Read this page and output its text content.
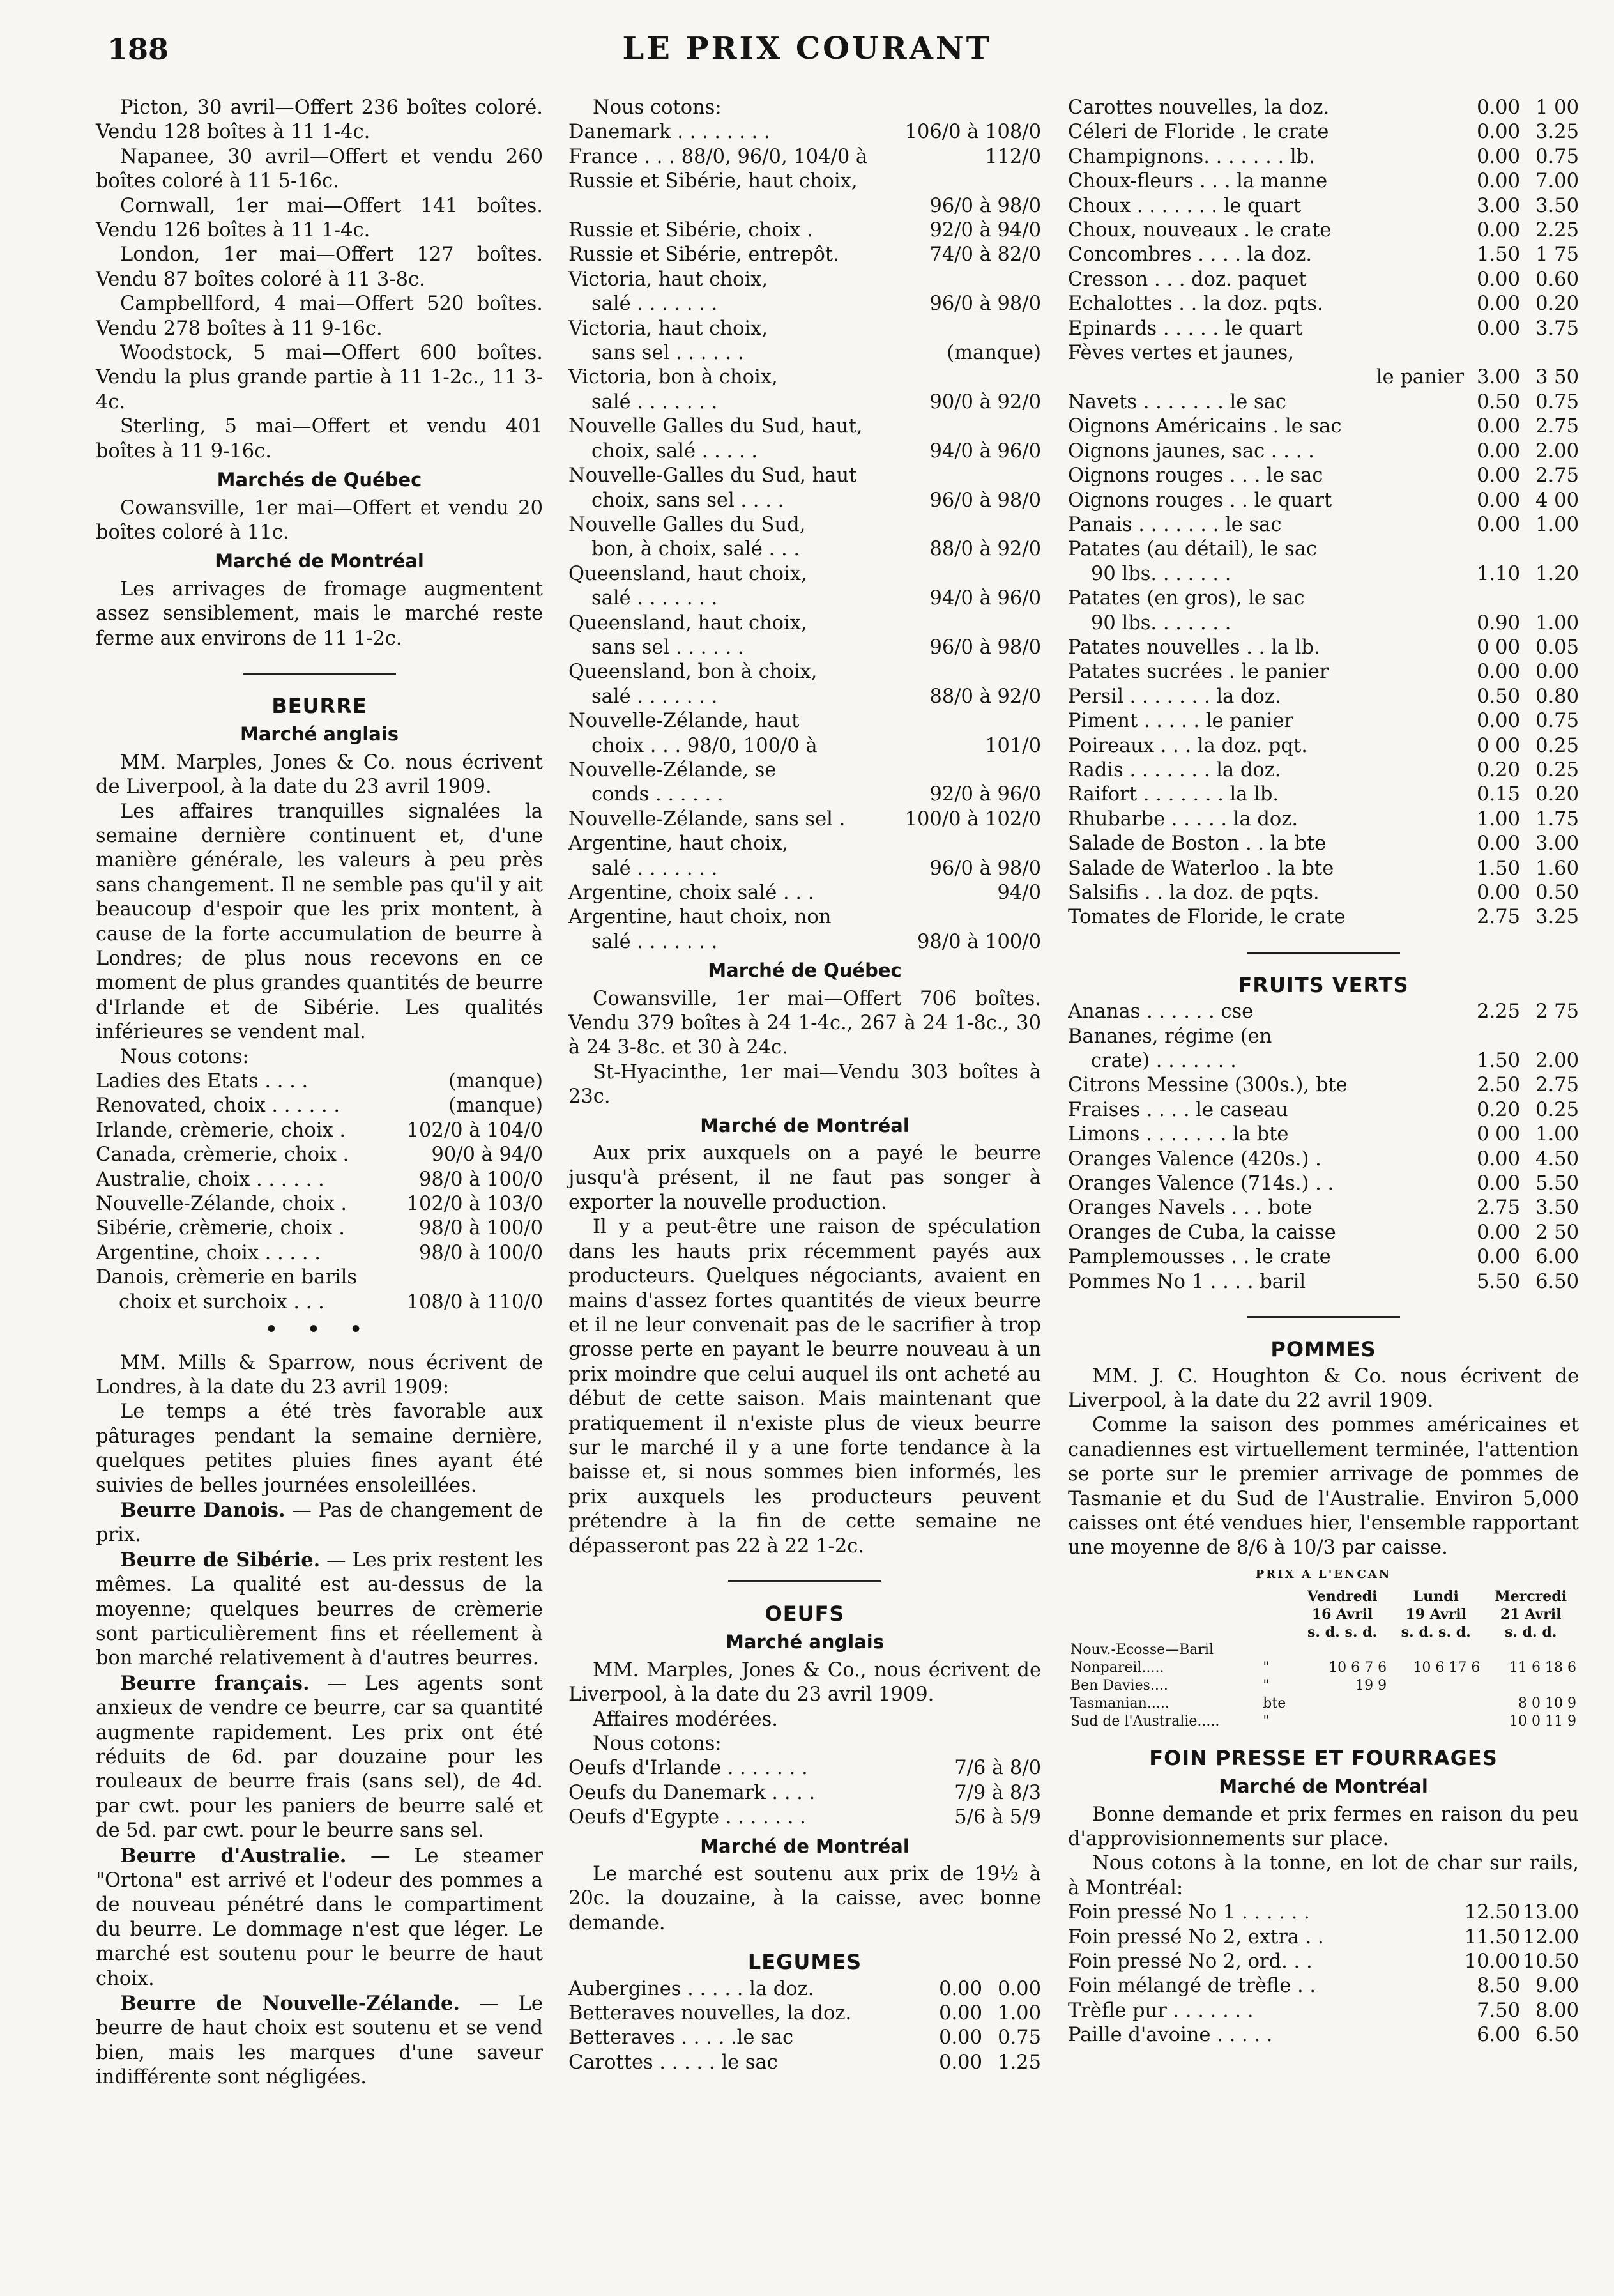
188	LE PRIX COURANT

Picton, 30 avril—Offert 236 boîtes coloré. Vendu 128 boîtes à 11 1-4c.

Napanee, 30 avril—Offert et vendu 260 boîtes coloré à 11 5-16c.

Cornwall, 1er mai—Offert 141 boîtes. Vendu 126 boîtes à 11 1-4c.

London, 1er mai—Offert 127 boîtes. Vendu 87 boîtes coloré à 11 3-8c.

Campbellford, 4 mai—Offert 520 boîtes. Vendu 278 boîtes à 11 9-16c.

Woodstock, 5 mai—Offert 600 boîtes. Vendu la plus grande partie à 11 1-2c., 11 3-4c.

Sterling, 5 mai—Offert et vendu 401 boîtes à 11 9-16c.

Marchés de Québec

Cowansville, 1er mai—Offert et vendu 20 boîtes coloré à 11c.

Marché de Montréal

Les arrivages de fromage augmentent assez sensiblement, mais le marché reste ferme aux environs de 11 1-2c.

BEURRE
Marché anglais

MM. Marples, Jones & Co. nous écrivent de Liverpool, à la date du 23 avril 1909.

Les affaires tranquilles signalées la semaine dernière continuent et, d'une manière générale, les valeurs à peu près sans changement. Il ne semble pas qu'il y ait beaucoup d'espoir que les prix montent, à cause de la forte accumulation de beurre à Londres; de plus nous recevons en ce moment de plus grandes quantités de beurre d'Irlande et de Sibérie. Les qualités inférieures se vendent mal.

Nous cotons:

Ladies des Etats . . . .	(manque)
Renovated, choix . . . . . .	(manque)
Irlande, crèmerie, choix .	102/0 à 104/0
Canada, crèmerie, choix .	90/0 à 94/0
Australie, choix . . . . . .	98/0 à 100/0
Nouvelle-Zélande, choix .	102/0 à 103/0
Sibérie, crèmerie, choix .	98/0 à 100/0
Argentine, choix . . . . .	98/0 à 100/0
Danois, crèmerie en barils
choix et surchoix . . .	108/0 à 110/0
• • •

MM. Mills & Sparrow, nous écrivent de Londres, à la date du 23 avril 1909:

Le temps a été très favorable aux pâturages pendant la semaine dernière, quelques petites pluies fines ayant été suivies de belles journées ensoleillées.

Beurre Danois. — Pas de changement de prix.

Beurre de Sibérie. — Les prix restent les mêmes. La qualité est au-dessus de la moyenne; quelques beurres de crèmerie sont particulièrement fins et réellement à bon marché relativement à d'autres beurres.

Beurre français. — Les agents sont anxieux de vendre ce beurre, car sa quantité augmente rapidement. Les prix ont été réduits de 6d. par douzaine pour les rouleaux de beurre frais (sans sel), de 4d. par cwt. pour les paniers de beurre salé et de 5d. par cwt. pour le beurre sans sel.

Beurre d'Australie. — Le steamer "Ortona" est arrivé et l'odeur des pommes a de nouveau pénétré dans le compartiment du beurre. Le dommage n'est que léger. Le marché est soutenu pour le beurre de haut choix.

Beurre de Nouvelle-Zélande. — Le beurre de haut choix est soutenu et se vend bien, mais les marques d'une saveur indifférente sont négligées.

Nous cotons:

Danemark . . . . . . . .	106/0 à 108/0
France . . . 88/0, 96/0, 104/0 à	112/0
Russie et Sibérie, haut choix,
96/0 à 98/0
Russie et Sibérie, choix .	92/0 à 94/0
Russie et Sibérie, entrepôt.	74/0 à 82/0
Victoria, haut choix,
salé . . . . . . .	96/0 à 98/0
Victoria, haut choix,
sans sel . . . . . .	(manque)
Victoria, bon à choix,
salé . . . . . . .	90/0 à 92/0
Nouvelle Galles du Sud, haut,
choix, salé . . . . .	94/0 à 96/0
Nouvelle-Galles du Sud, haut
choix, sans sel . . . .	96/0 à 98/0
Nouvelle Galles du Sud,
bon, à choix, salé . . .	88/0 à 92/0
Queensland, haut choix,
salé . . . . . . .	94/0 à 96/0
Queensland, haut choix,
sans sel . . . . . .	96/0 à 98/0
Queensland, bon à choix,
salé . . . . . . .	88/0 à 92/0
Nouvelle-Zélande, haut
choix . . . 98/0, 100/0 à	101/0
Nouvelle-Zélande, se
conds . . . . . .	92/0 à 96/0
Nouvelle-Zélande, sans sel .	100/0 à 102/0
Argentine, haut choix,
salé . . . . . . .	96/0 à 98/0
Argentine, choix salé . . .	94/0
Argentine, haut choix, non
salé . . . . . . .	98/0 à 100/0
Marché de Québec

Cowansville, 1er mai—Offert 706 boîtes. Vendu 379 boîtes à 24 1-4c., 267 à 24 1-8c., 30 à 24 3-8c. et 30 à 24c.

St-Hyacinthe, 1er mai—Vendu 303 boîtes à 23c.

Marché de Montréal

Aux prix auxquels on a payé le beurre jusqu'à présent, il ne faut pas songer à exporter la nouvelle production.

Il y a peut-être une raison de spéculation dans les hauts prix récemment payés aux producteurs. Quelques négociants, avaient en mains d'assez fortes quantités de vieux beurre et il ne leur convenait pas de le sacrifier à trop grosse perte en payant le beurre nouveau à un prix moindre que celui auquel ils ont acheté au début de cette saison. Mais maintenant que pratiquement il n'existe plus de vieux beurre sur le marché il y a une forte tendance à la baisse et, si nous sommes bien informés, les prix auxquels les producteurs peuvent prétendre à la fin de cette semaine ne dépasseront pas 22 à 22 1-2c.

OEUFS
Marché anglais

MM. Marples, Jones & Co., nous écrivent de Liverpool, à la date du 23 avril 1909.

Affaires modérées.

Nous cotons:

Oeufs d'Irlande . . . . . . .	7/6 à 8/0
Oeufs du Danemark . . . .	7/9 à 8/3
Oeufs d'Egypte . . . . . . .	5/6 à 5/9
Marché de Montréal

Le marché est soutenu aux prix de 19½ à 20c. la douzaine, à la caisse, avec bonne demande.

LEGUMES
Aubergines . . . . . la doz.	0.00 0.00
Betteraves nouvelles, la doz.	0.00 1.00
Betteraves . . . . .le sac	0.00 0.75
Carottes . . . . . le sac	0.00 1.25
Carottes nouvelles, la doz.	0.00 1 00
Céleri de Floride . le crate	0.00 3.25
Champignons. . . . . . . lb.	0.00 0.75
Choux-fleurs . . . la manne	0.00 7.00
Choux . . . . . . . le quart	3.00 3.50
Choux, nouveaux . le crate	0.00 2.25
Concombres . . . . la doz.	1.50 1 75
Cresson . . . doz. paquet	0.00 0.60
Echalottes . . la doz. pqts.	0.00 0.20
Epinards . . . . . le quart	0.00 3.75
Fèves vertes et jaunes,
le panier 3.00 3 50
Navets . . . . . . . le sac	0.50 0.75
Oignons Américains . le sac	0.00 2.75
Oignons jaunes, sac . . . .	0.00 2.00
Oignons rouges . . . le sac	0.00 2.75
Oignons rouges . . le quart	0.00 4 00
Panais . . . . . . . le sac	0.00 1.00
Patates (au détail), le sac
90 lbs. . . . . . .	1.10 1.20
Patates (en gros), le sac
90 lbs. . . . . . .	0.90 1.00
Patates nouvelles . . la lb.	0 00 0.05
Patates sucrées . le panier	0.00 0.00
Persil . . . . . . . la doz.	0.50 0.80
Piment . . . . . le panier	0.00 0.75
Poireaux . . . la doz. pqt.	0 00 0.25
Radis . . . . . . . la doz.	0.20 0.25
Raifort . . . . . . . la lb.	0.15 0.20
Rhubarbe . . . . . la doz.	1.00 1.75
Salade de Boston . . la bte	0.00 3.00
Salade de Waterloo . la bte	1.50 1.60
Salsifis . . la doz. de pqts.	0.00 0.50
Tomates de Floride, le crate	2.75 3.25
FRUITS VERTS
Ananas . . . . . . cse	2.25 2 75
Bananes, régime (en
crate) . . . . . . .	1.50 2.00
Citrons Messine (300s.), bte	2.50 2.75
Fraises . . . . le caseau	0.20 0.25
Limons . . . . . . . la bte	0 00 1.00
Oranges Valence (420s.) .	0.00 4.50
Oranges Valence (714s.) . .	0.00 5.50
Oranges Navels . . . bote	2.75 3.50
Oranges de Cuba, la caisse	0.00 2 50
Pamplemousses . . le crate	0.00 6.00
Pommes No 1 . . . . baril	5.50 6.50
POMMES

MM. J. C. Houghton & Co. nous écrivent de Liverpool, à la date du 22 avril 1909.

Comme la saison des pommes américaines et canadiennes est virtuellement terminée, l'attention se porte sur le premier arrivage de pommes de Tasmanie et du Sud de l'Australie. Environ 5,000 caisses ont été vendues hier, l'ensemble rapportant une moyenne de 8/6 à 10/3 par caisse.

PRIX A L'ENCAN
		Vendredi	Lundi	Mercredi
		16 Avril	19 Avril	21 Avril
		s. d. s. d.	s. d. s. d.	s. d. d.
Nouv.-Ecosse—Baril				
Nonpareil.....	"	10 6 7 6	10 6 17 6	11 6 18 6
Ben Davies....	"	19 9		
Tasmanian.....	bte			8 0 10 9
Sud de l'Australie.....	"			10 0 11 9
FOIN PRESSE ET FOURRAGES
Marché de Montréal

Bonne demande et prix fermes en raison du peu d'approvisionnements sur place.

Nous cotons à la tonne, en lot de char sur rails, à Montréal:

Foin pressé No 1 . . . . . .	12.50 13.00
Foin pressé No 2, extra . .	11.50 12.00
Foin pressé No 2, ord. . .	10.00 10.50
Foin mélangé de trèfle . .	8.50 9.00
Trèfle pur . . . . . . .	7.50 8.00
Paille d'avoine . . . . .	6.00 6.50
